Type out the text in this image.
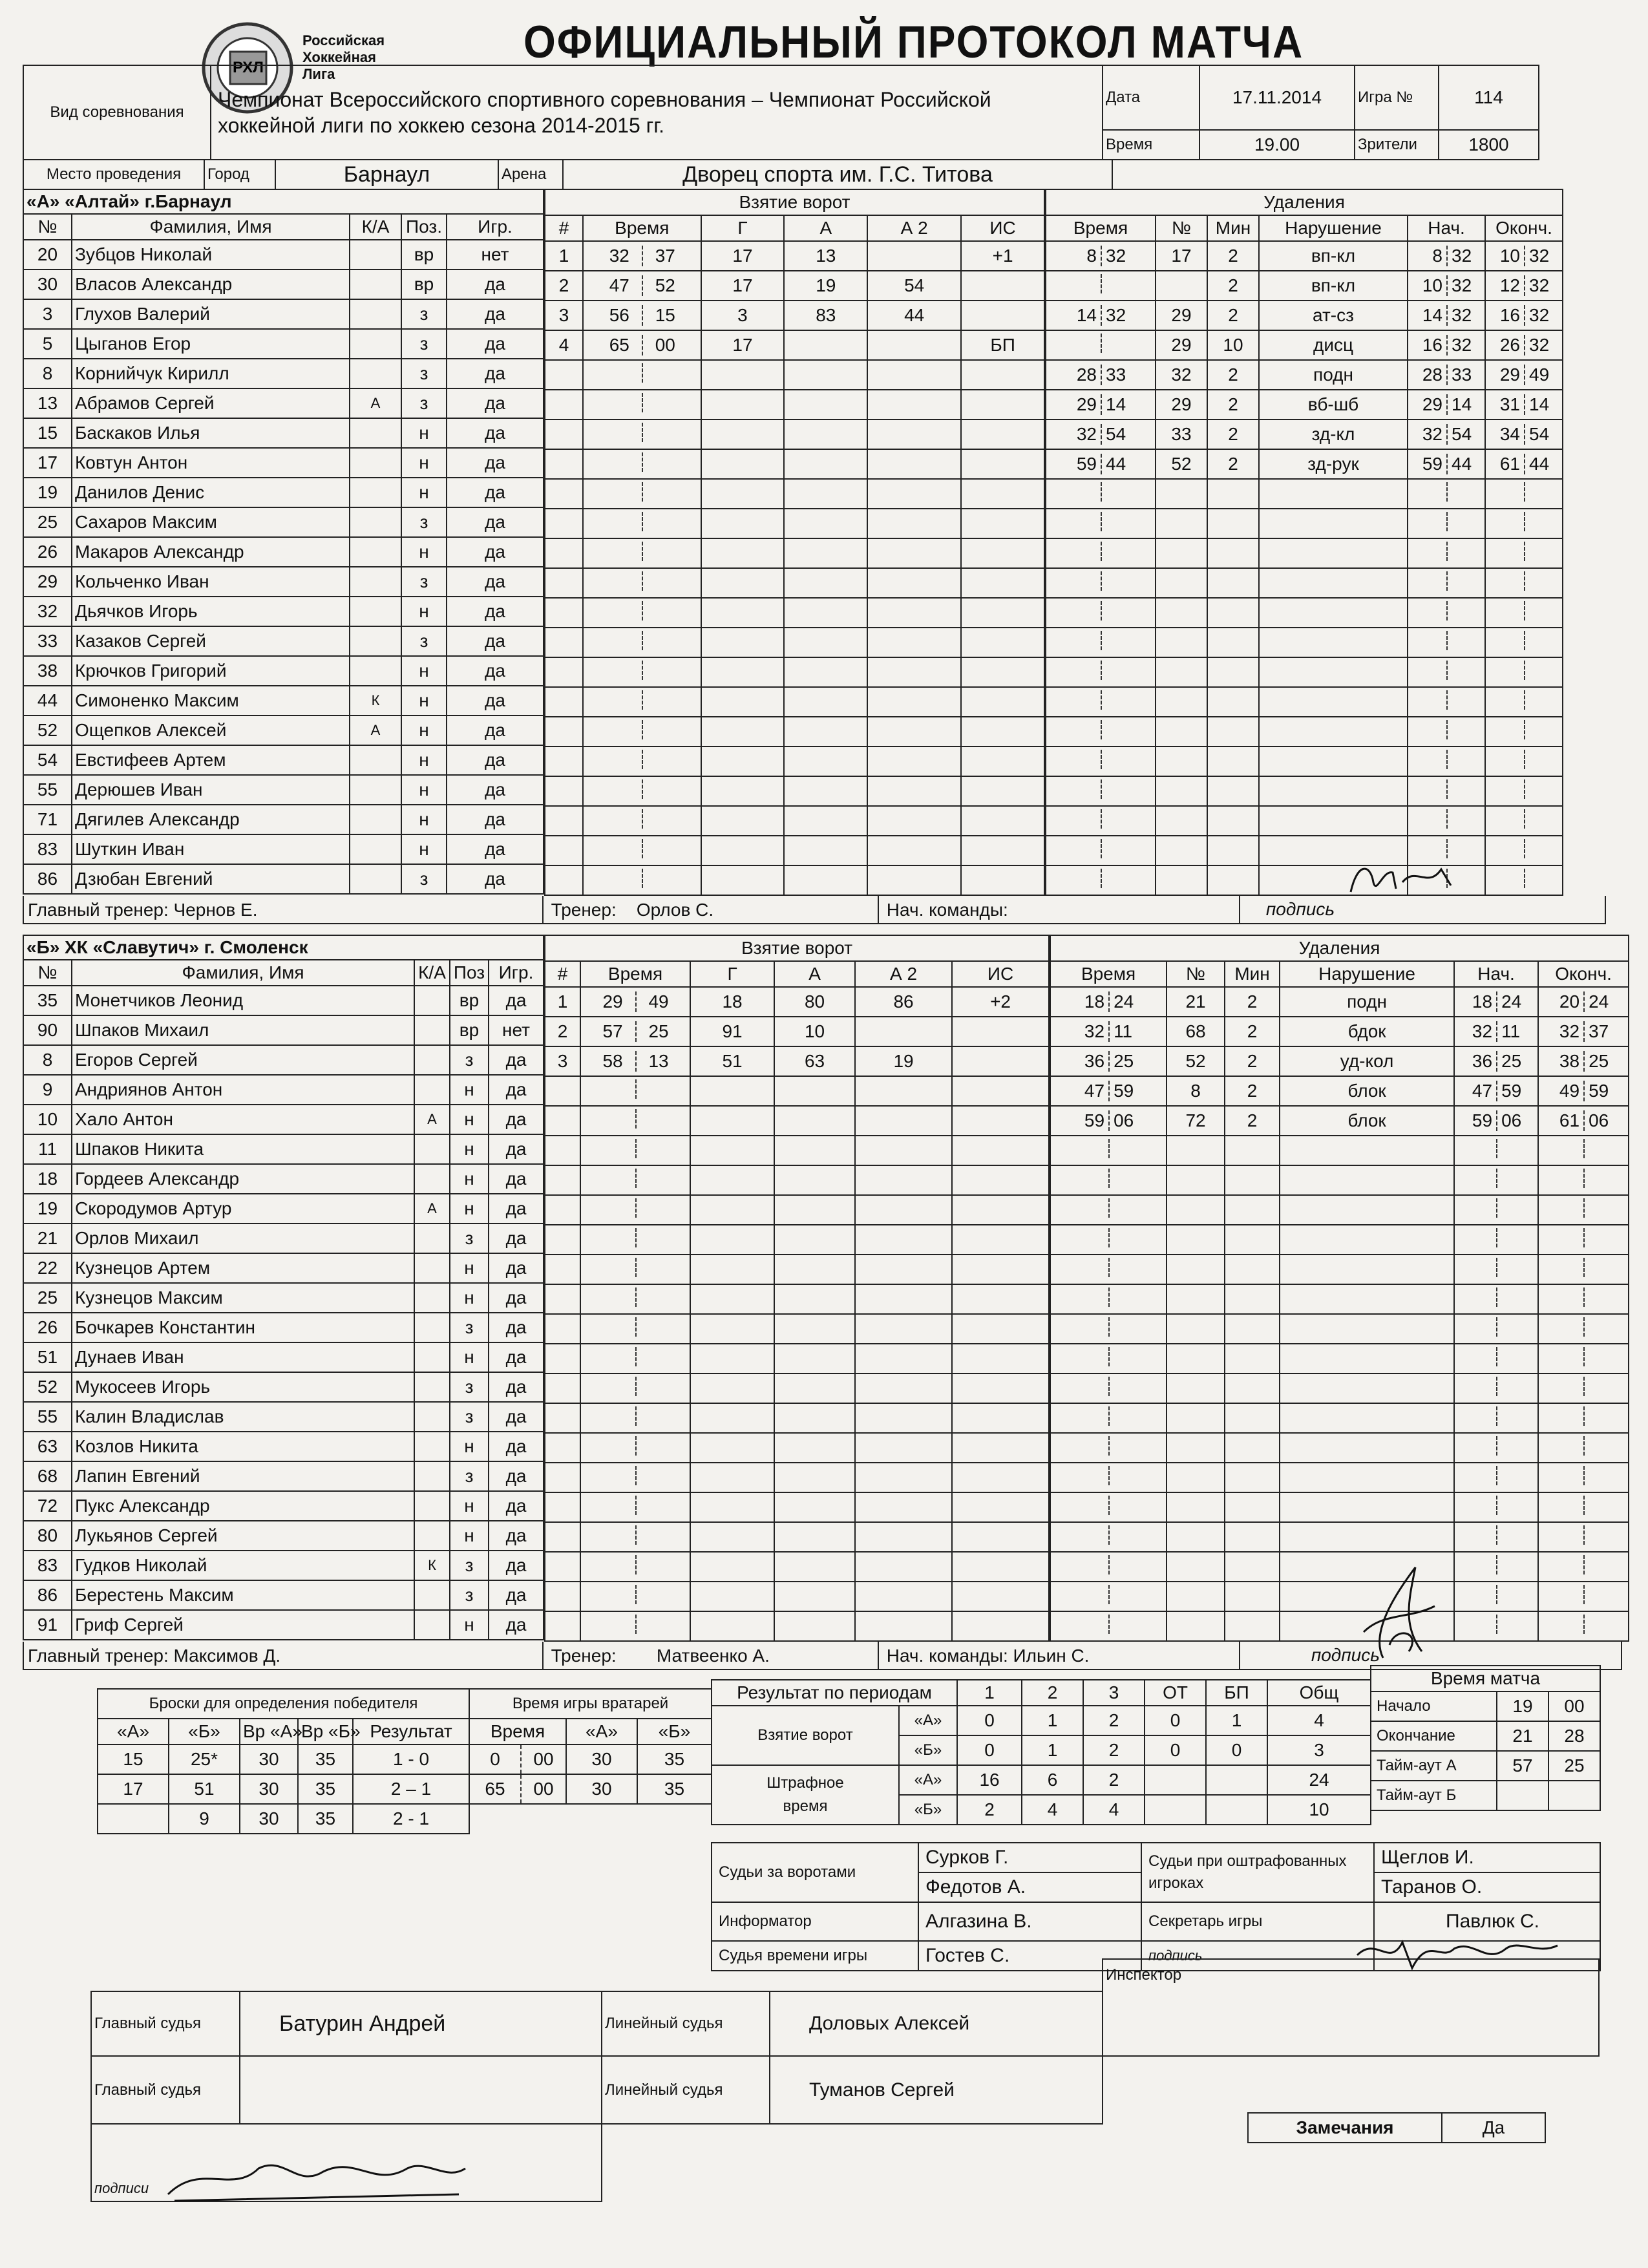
РХЛ
Российская
Хоккейная
Лига
ОФИЦИАЛЬНЫЙ ПРОТОКОЛ МАТЧА
Вид соревнования	Чемпионат Всероссийского спортивного соревнования – Чемпионат Российской
хоккейной лиги по хоккею сезона 2014-2015 гг.	Дата	17.11.2014	Игра №	114
		Время	19.00	Зрители	1800
Место проведения	Город	Барнаул	Арена	Дворец спорта им. Г.С. Титова
«А» «Алтай» г.Барнаул				
№	Фамилия, Имя	К/А	Поз.	Игр.
20	Зубцов Николай		вр	нет
30	Власов Александр		вр	да
3	Глухов Валерий		з	да
5	Цыганов Егор		з	да
8	Корнийчук Кирилл		з	да
13	Абрамов Сергей	А	з	да
15	Баскаков Илья		н	да
17	Ковтун Антон		н	да
19	Данилов Денис		н	да
25	Сахаров Максим		з	да
26	Макаров Александр		н	да
29	Кольченко Иван		з	да
32	Дьячков Игорь		н	да
33	Казаков Сергей		з	да
38	Крючков Григорий		н	да
44	Симоненко Максим	К	н	да
52	Ощепков Алексей	А	н	да
54	Евстифеев Артем		н	да
55	Дерюшев Иван		н	да
71	Дягилев Александр		н	да
83	Шуткин Иван		н	да
86	Дзюбан Евгений		з	да
Взятие ворот					
#	Время	Г	А	А 2	ИС
1	32 37	17	13		+1
2	47 52	17	19	54	
3	56 15	3	83	44	
4	65 00	17			БП

Удаления					
Время	№	Мин	Нарушение	Нач.	Оконч.
8 32	17	2	вп-кл	8 32	10 32
		2	вп-кл	10 32	12 32
14 32	29	2	ат-сз	14 32	16 32
	29	10	дисц	16 32	26 32
28 33	32	2	подн	28 33	29 49
29 14	29	2	вб-шб	29 14	31 14
32 54	33	2	зд-кл	32 54	34 54
59 44	52	2	зд-рук	59 44	61 44

Главный тренер: Чернов Е.	Тренер: Орлов С.	Нач. команды:	подпись
«Б» ХК «Славутич» г. Смоленск				
№	Фамилия, Имя	К/А	Поз	Игр.
35	Монетчиков Леонид		вр	да
90	Шпаков Михаил		вр	нет
8	Егоров Сергей		з	да
9	Андриянов Антон		н	да
10	Хало Антон	А	н	да
11	Шпаков Никита		н	да
18	Гордеев Александр		н	да
19	Скородумов Артур	А	н	да
21	Орлов Михаил		з	да
22	Кузнецов Артем		н	да
25	Кузнецов Максим		н	да
26	Бочкарев Константин		з	да
51	Дунаев Иван		н	да
52	Мукосеев Игорь		з	да
55	Калин Владислав		з	да
63	Козлов Никита		н	да
68	Лапин Евгений		з	да
72	Пукс Александр		н	да
80	Лукьянов Сергей		н	да
83	Гудков Николай	К	з	да
86	Берестень Максим		з	да
91	Гриф Сергей		н	да
Взятие ворот					
#	Время	Г	А	А 2	ИС
1	29 49	18	80	86	+2
2	57 25	91	10		
3	58 13	51	63	19	

Удаления					
Время	№	Мин	Нарушение	Нач.	Оконч.
18 24	21	2	подн	18 24	20 24
32 11	68	2	бдок	32 11	32 37
36 25	52	2	уд-кол	36 25	38 25
47 59	8	2	блок	47 59	49 59
59 06	72	2	блок	59 06	61 06

Главный тренер: Максимов Д.	Тренер: Матвеенко А.	Нач. команды: Ильин С.	подпись
Броски для определения победителя				
«А»	«Б»	Вр «А»	Вр «Б»	Результат
15	25*	30	35	1 - 0
17	51	30	35	2 – 1
	9	30	35	2 - 1
Время игры вратарей			
Время		«А»	«Б»
0	00	30	35
65	00	30	35
Результат по периодам		1	2	3	ОТ	БП	Общ
Взятие ворот	«А»	0	1	2	0	1	4
	«Б»	0	1	2	0	0	3
Штрафное время	«А»	16	6	2			24
	«Б»	2	4	4			10
Время матча		
Начало	19	00
Окончание	21	28
Тайм-аут А	57	25
Тайм-аут Б		
Судьи за воротами	Сурков Г.	Судьи при оштрафованных игроках	Щеглов И.
	Федотов А.		Таранов О.
Информатор	Алгазина В.	Секретарь игры	Павлюк С.
Судья времени игры	Гостев С.	подпись	
Главный судья	Батурин Андрей	Линейный судья	Доловых Алексей
Главный судья		Линейный судья	Туманов Сергей
подписи			
Инспектор
Замечания	Да
